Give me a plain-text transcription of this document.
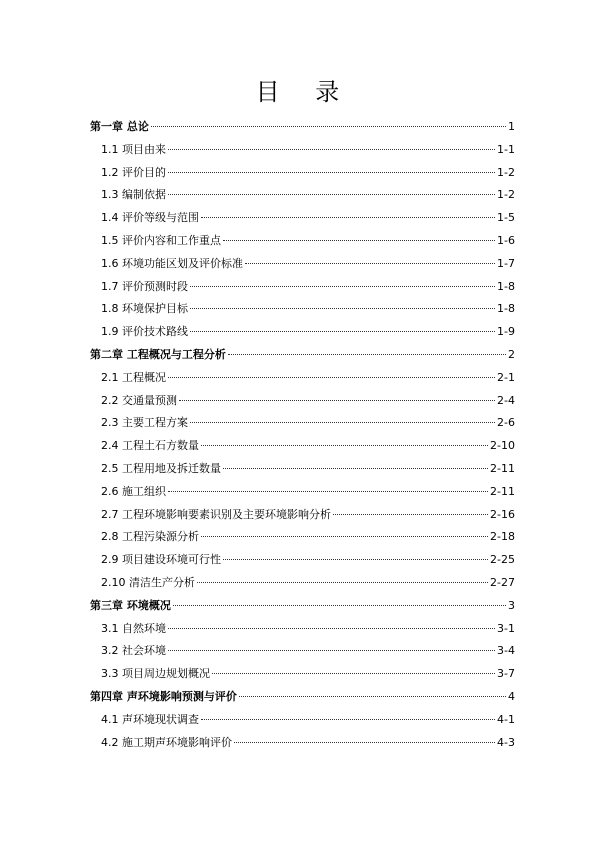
目 录
第一章 总论	1
1.1 项目由来	1-1
1.2 评价目的	1-2
1.3 编制依据	1-2
1.4 评价等级与范围	1-5
1.5 评价内容和工作重点	1-6
1.6 环境功能区划及评价标准	1-7
1.7 评价预测时段	1-8
1.8 环境保护目标	1-8
1.9 评价技术路线	1-9
第二章 工程概况与工程分析	2
2.1 工程概况	2-1
2.2 交通量预测	2-4
2.3 主要工程方案	2-6
2.4 工程土石方数量	2-10
2.5 工程用地及拆迁数量	2-11
2.6 施工组织	2-11
2.7 工程环境影响要素识别及主要环境影响分析	2-16
2.8 工程污染源分析	2-18
2.9 项目建设环境可行性	2-25
2.10 清洁生产分析	2-27
第三章 环境概况	3
3.1 自然环境	3-1
3.2 社会环境	3-4
3.3 项目周边规划概况	3-7
第四章 声环境影响预测与评价	4
4.1 声环境现状调查	4-1
4.2 施工期声环境影响评价	4-3
